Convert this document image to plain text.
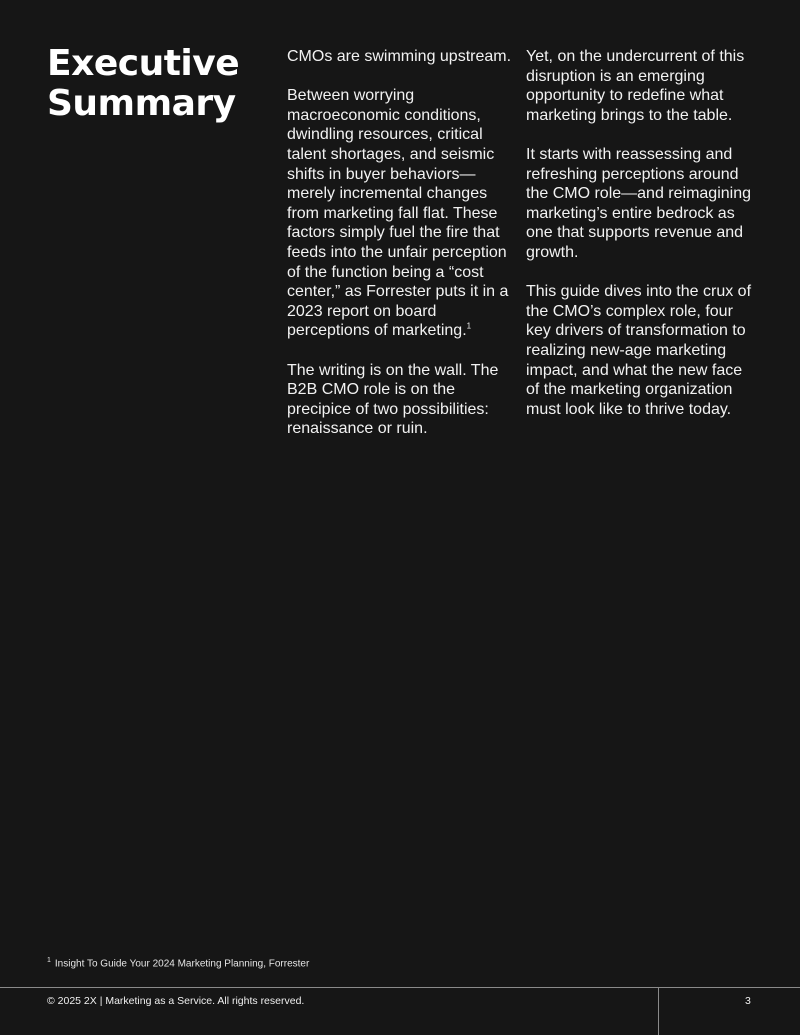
Executive
Summary

CMOs are swimming upstream.

Between worrying macroeconomic conditions, dwindling resources, critical talent shortages, and seismic shifts in buyer behaviors—merely incremental changes from marketing fall flat. These factors simply fuel the fire that feeds into the unfair perception of the function being a “cost center,” as Forrester puts it in a 2023 report on board perceptions of marketing.$^1$

The writing is on the wall. The B2B CMO role is on the precipice of two possibilities: renaissance or ruin.

Yet, on the undercurrent of this disruption is an emerging opportunity to redefine what marketing brings to the table.

It starts with reassessing and refreshing perceptions around the CMO role—and reimagining marketing’s entire bedrock as one that supports revenue and growth.

This guide dives into the crux of the CMO’s complex role, four key drivers of transformation to realizing new-age marketing impact, and what the new face of the marketing organization must look like to thrive today.

$^1$ Insight To Guide Your 2024 Marketing Planning, Forrester
© 2025 2X | Marketing as a Service. All rights reserved.	3
